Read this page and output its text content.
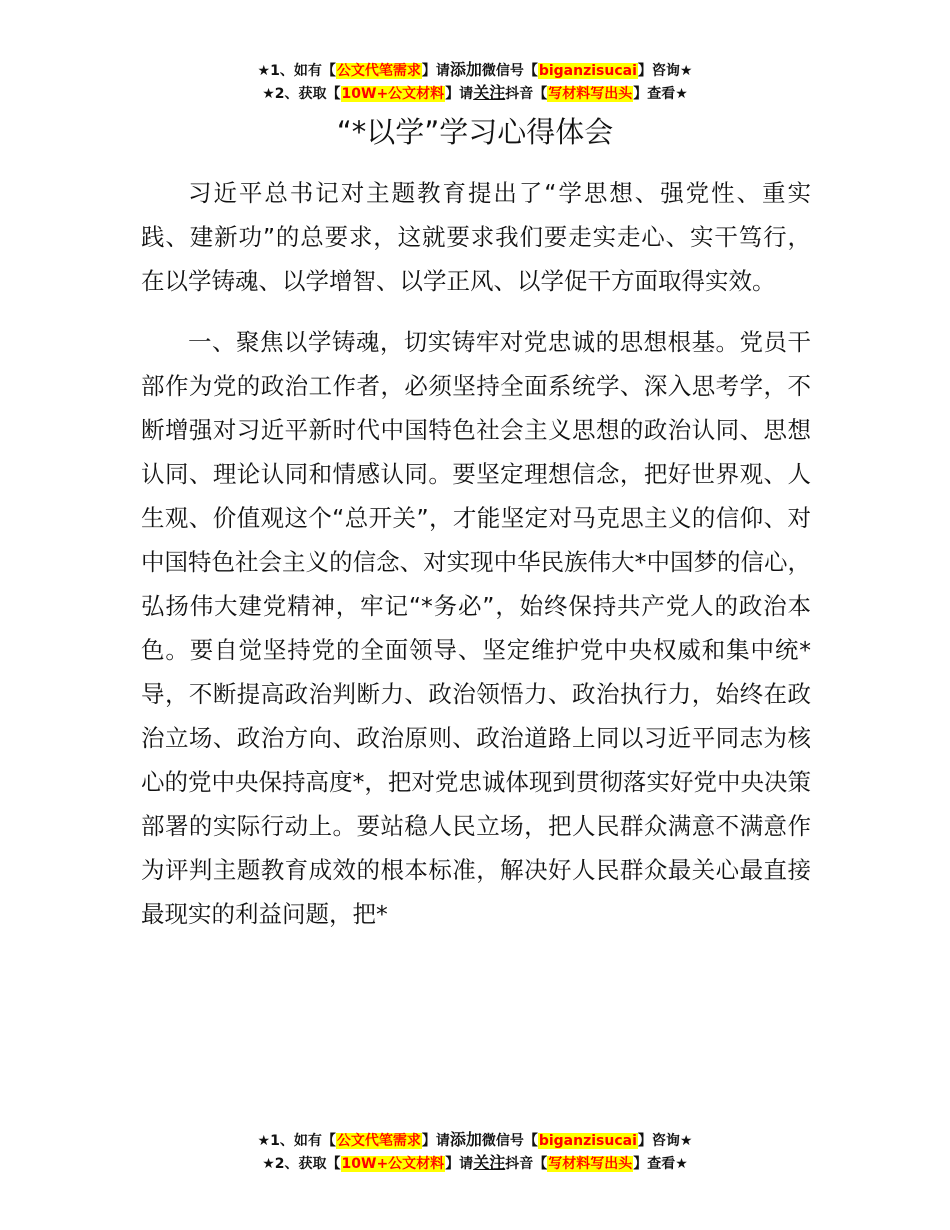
★1、如有【公文代笔需求】请添加微信号【biganzisucai】咨询★
★2、获取【10W+公文材料】请关注抖音【写材料写出头】查看★
“*以学”学习心得体会

习近平总书记对主题教育提出了“学思想、强党性、重实践、建新功”的总要求，这就要求我们要走实走心、实干笃行，在以学铸魂、以学增智、以学正风、以学促干方面取得实效。

一、聚焦以学铸魂，切实铸牢对党忠诚的思想根基。党员干部作为党的政治工作者，必须坚持全面系统学、深入思考学，不断增强对习近平新时代中国特色社会主义思想的政治认同、思想认同、理论认同和情感认同。要坚定理想信念，把好世界观、人生观、价值观这个“总开关”，才能坚定对马克思主义的信仰、对中国特色社会主义的信念、对实现中华民族伟大*中国梦的信心，弘扬伟大建党精神，牢记“*务必”，始终保持共产党人的政治本色。要自觉坚持党的全面领导、坚定维护党中央权威和集中统*导，不断提高政治判断力、政治领悟力、政治执行力，始终在政治立场、政治方向、政治原则、政治道路上同以习近平同志为核心的党中央保持高度*，把对党忠诚体现到贯彻落实好党中央决策部署的实际行动上。要站稳人民立场，把人民群众满意不满意作为评判主题教育成效的根本标准，解决好人民群众最关心最直接最现实的利益问题，把*

★1、如有【公文代笔需求】请添加微信号【biganzisucai】咨询★
★2、获取【10W+公文材料】请关注抖音【写材料写出头】查看★
